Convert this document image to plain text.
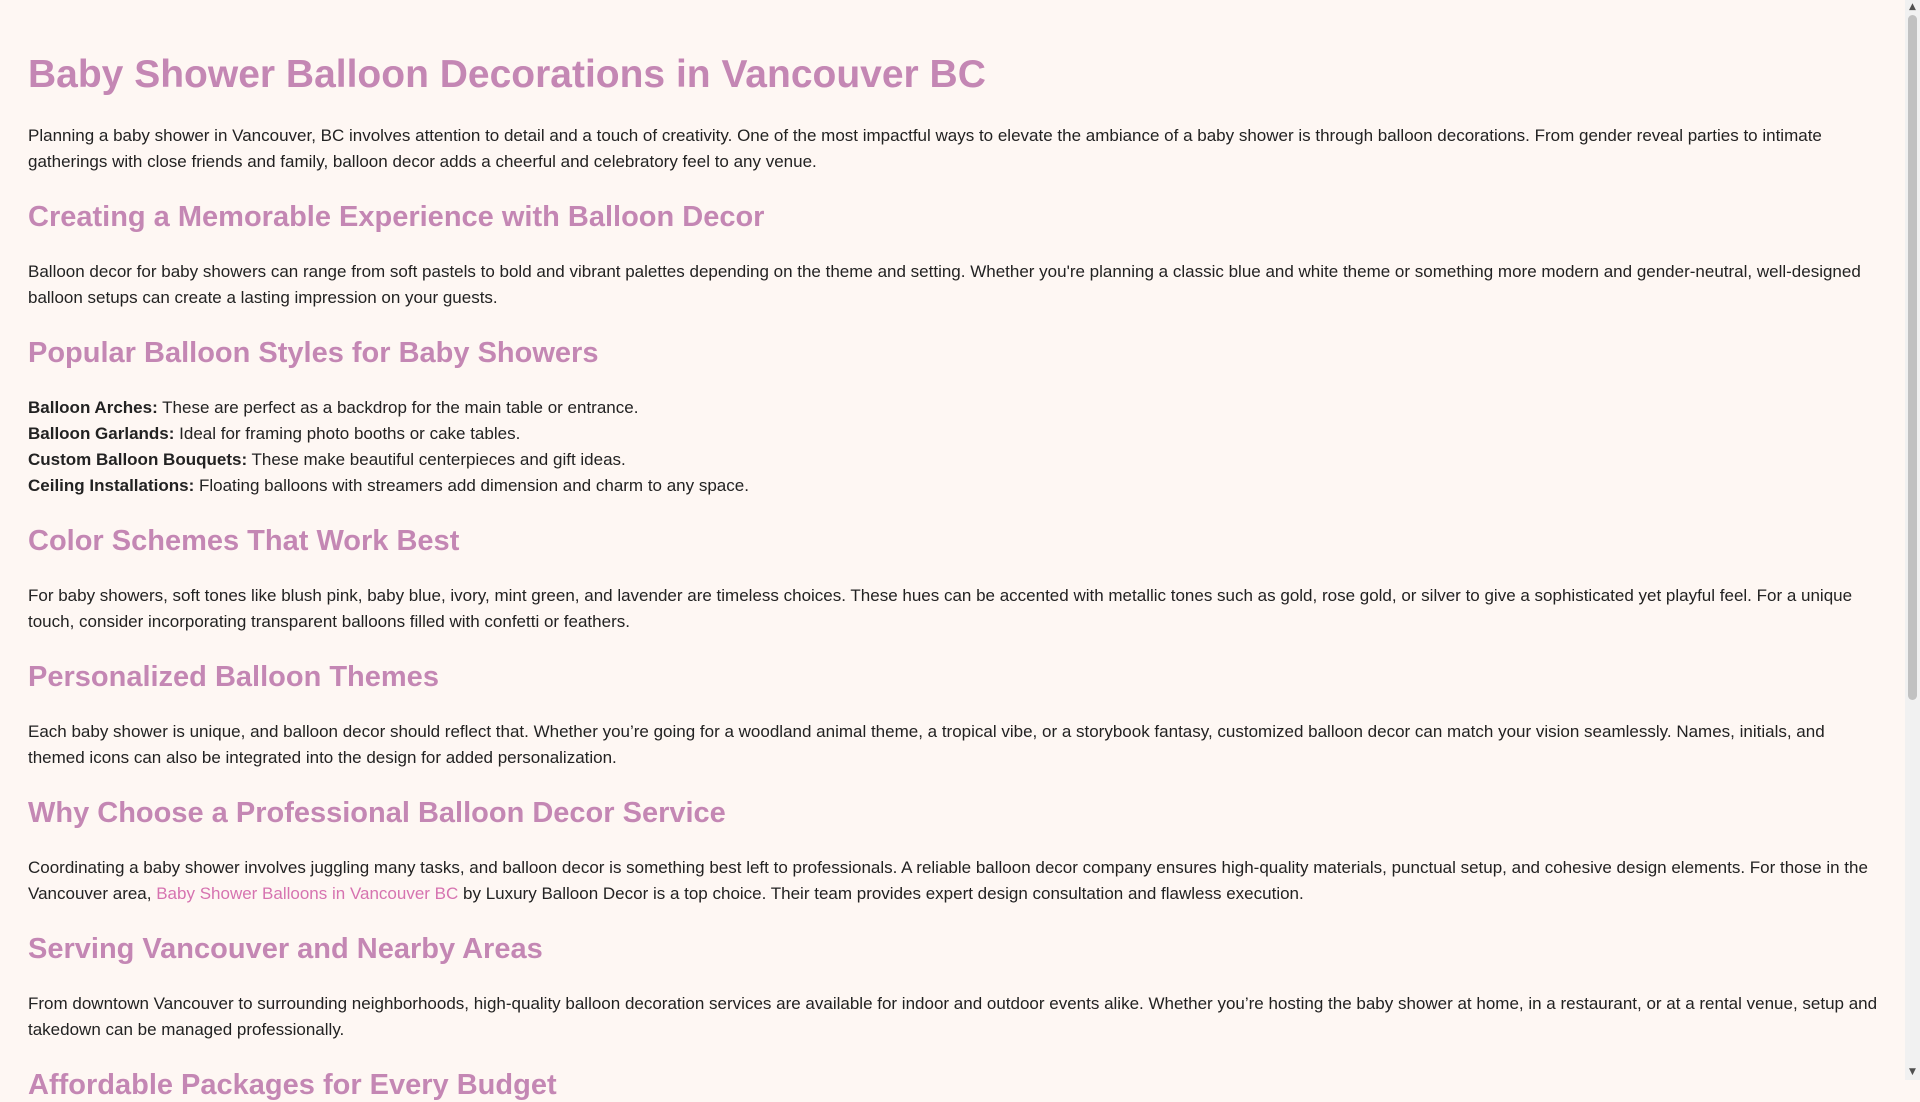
Baby Shower Balloon Decorations in Vancouver BC

Planning a baby shower in Vancouver, BC involves attention to detail and a touch of creativity. One of the most impactful ways to elevate the ambiance of a baby shower is through balloon decorations. From gender reveal parties to intimate gatherings with close friends and family, balloon decor adds a cheerful and celebratory feel to any venue.

Creating a Memorable Experience with Balloon Decor

Balloon decor for baby showers can range from soft pastels to bold and vibrant palettes depending on the theme and setting. Whether you're planning a classic blue and white theme or something more modern and gender-neutral, well-designed balloon setups can create a lasting impression on your guests.

Popular Balloon Styles for Baby Showers
Balloon Arches: These are perfect as a backdrop for the main table or entrance.
Balloon Garlands: Ideal for framing photo booths or cake tables.
Custom Balloon Bouquets: These make beautiful centerpieces and gift ideas.
Ceiling Installations: Floating balloons with streamers add dimension and charm to any space.
Color Schemes That Work Best

For baby showers, soft tones like blush pink, baby blue, ivory, mint green, and lavender are timeless choices. These hues can be accented with metallic tones such as gold, rose gold, or silver to give a sophisticated yet playful feel. For a unique touch, consider incorporating transparent balloons filled with confetti or feathers.

Personalized Balloon Themes

Each baby shower is unique, and balloon decor should reflect that. Whether you’re going for a woodland animal theme, a tropical vibe, or a storybook fantasy, customized balloon decor can match your vision seamlessly. Names, initials, and themed icons can also be integrated into the design for added personalization.

Why Choose a Professional Balloon Decor Service

Coordinating a baby shower involves juggling many tasks, and balloon decor is something best left to professionals. A reliable balloon decor company ensures high-quality materials, punctual setup, and cohesive design elements. For those in the Vancouver area, Baby Shower Balloons in Vancouver BC by Luxury Balloon Decor is a top choice. Their team provides expert design consultation and flawless execution.

Serving Vancouver and Nearby Areas

From downtown Vancouver to surrounding neighborhoods, high-quality balloon decoration services are available for indoor and outdoor events alike. Whether you’re hosting the baby shower at home, in a restaurant, or at a rental venue, setup and takedown can be managed professionally.

Affordable Packages for Every Budget
▲
▼
